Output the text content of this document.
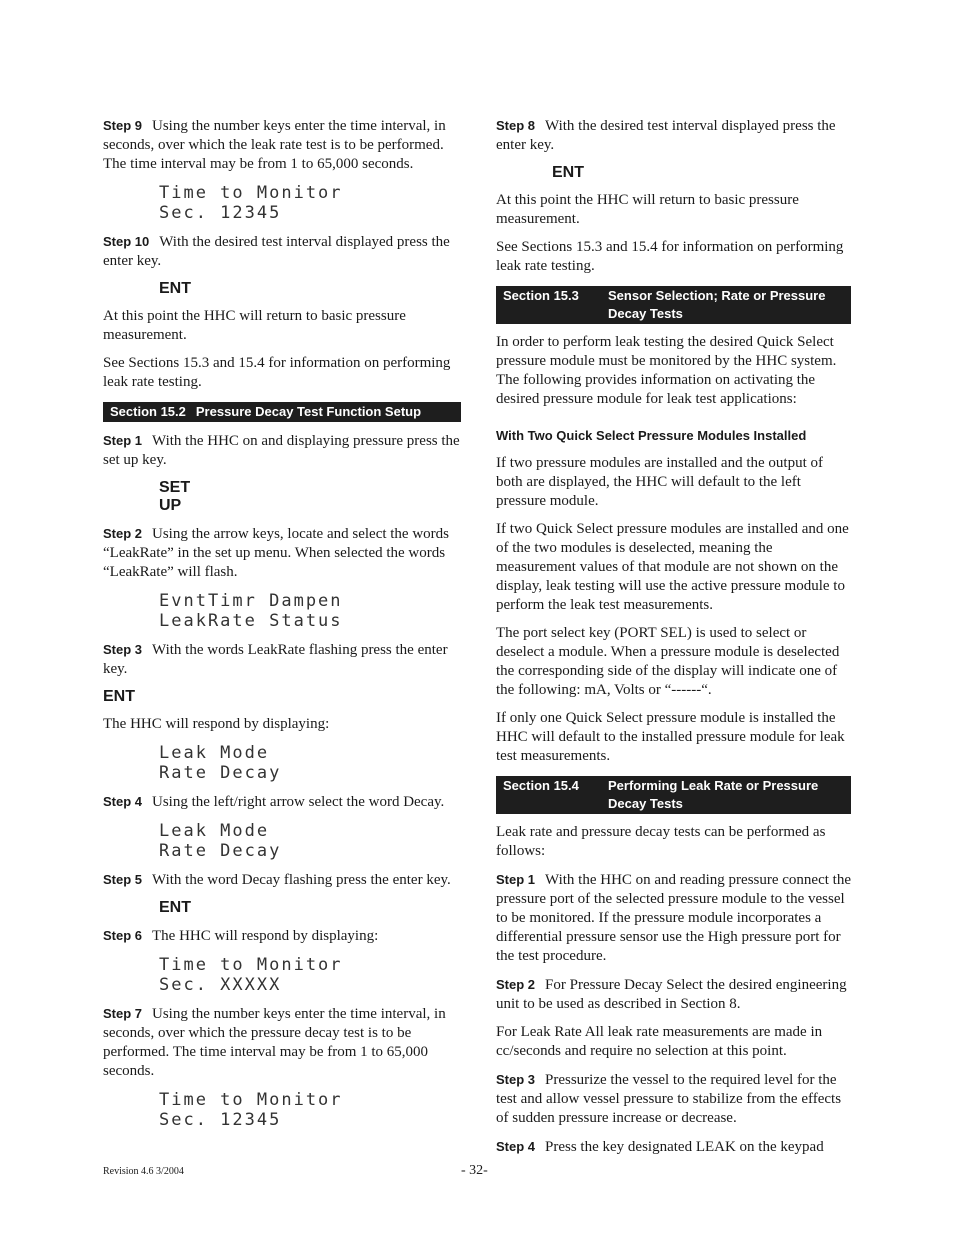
Step 9 Using the number keys enter the time interval, in seconds, over which the leak rate test is to be performed. The time interval may be from 1 to 65,000 seconds.

Time to Monitor
Sec. 12345

Step 10 With the desired test interval displayed press the enter key.

ENT

At this point the HHC will return to basic pressure measurement.

See Sections 15.3 and 15.4 for information on performing leak rate testing.

Section 15.2 Pressure Decay Test Function Setup

Step 1 With the HHC on and displaying pressure press the set up key.

SET
UP

Step 2 Using the arrow keys, locate and select the words “LeakRate” in the set up menu. When selected the words “LeakRate” will flash.

EvntTimr Dampen
LeakRate Status

Step 3 With the words LeakRate flashing press the enter key.

ENT

The HHC will respond by displaying:

Leak Mode
Rate Decay

Step 4 Using the left/right arrow select the word Decay.

Leak Mode
Rate Decay

Step 5 With the word Decay flashing press the enter key.

ENT

Step 6 The HHC will respond by displaying:

Time to Monitor
Sec. XXXXX

Step 7 Using the number keys enter the time interval, in seconds, over which the pressure decay test is to be performed. The time interval may be from 1 to 65,000 seconds.

Time to Monitor
Sec. 12345

Step 8 With the desired test interval displayed press the enter key.

ENT

At this point the HHC will return to basic pressure measurement.

See Sections 15.3 and 15.4 for information on performing leak rate testing.

Section 15.3	Sensor Selection; Rate or Pressure Decay Tests

In order to perform leak testing the desired Quick Select pressure module must be monitored by the HHC system. The following provides information on activating the desired pressure module for leak test applications:

With Two Quick Select Pressure Modules Installed

If two pressure modules are installed and the output of both are displayed, the HHC will default to the left pressure module.

If two Quick Select pressure modules are installed and one of the two modules is deselected, meaning the measurement values of that module are not shown on the display, leak testing will use the active pressure module to perform the leak test measurements.

The port select key (PORT SEL) is used to select or deselect a module. When a pressure module is deselected the corresponding side of the display will indicate one of the following: mA, Volts or “------“.

If only one Quick Select pressure module is installed the HHC will default to the installed pressure module for leak test measurements.

Section 15.4	Performing Leak Rate or Pressure Decay Tests

Leak rate and pressure decay tests can be performed as follows:

Step 1 With the HHC on and reading pressure connect the pressure port of the selected pressure module to the vessel to be monitored. If the pressure module incorporates a differential pressure sensor use the High pressure port for the test procedure.

Step 2 For Pressure Decay Select the desired engineering unit to be used as described in Section 8.

For Leak Rate All leak rate measurements are made in cc/seconds and require no selection at this point.

Step 3 Pressurize the vessel to the required level for the test and allow vessel pressure to stabilize from the effects of sudden pressure increase or decrease.

Step 4 Press the key designated LEAK on the keypad

Revision 4.6 3/2004	- 32-
